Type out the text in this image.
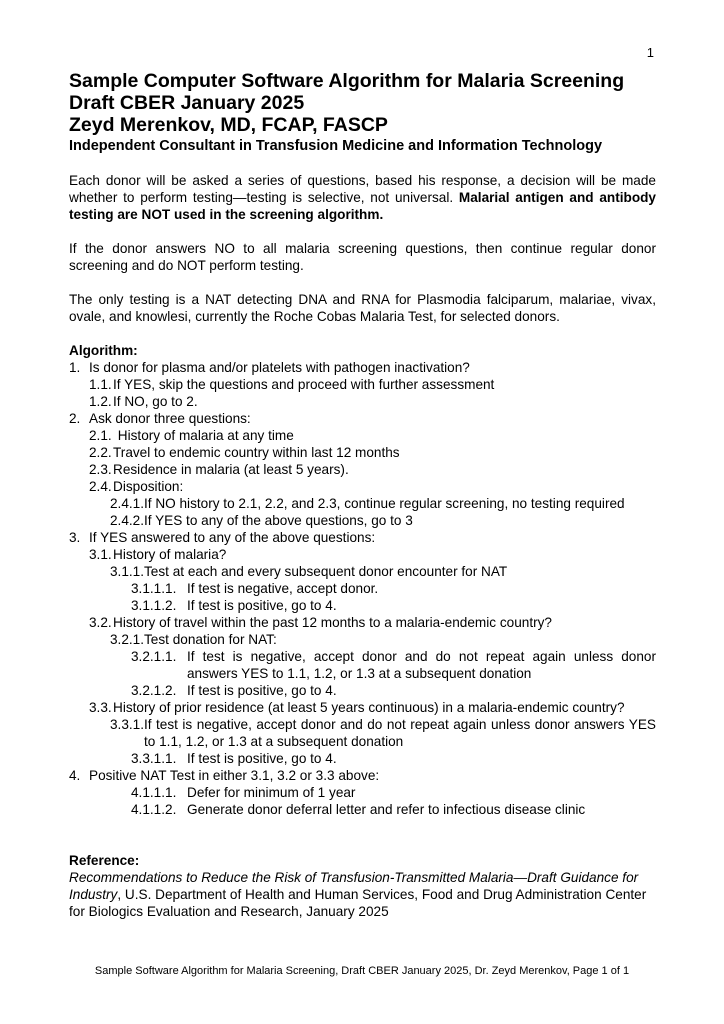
1
Sample Computer Software Algorithm for Malaria Screening
Draft CBER January 2025
Zeyd Merenkov, MD, FCAP, FASCP
Independent Consultant in Transfusion Medicine and Information Technology

Each donor will be asked a series of questions, based his response, a decision will be made whether to perform testing—testing is selective, not universal. Malarial antigen and antibody testing are NOT used in the screening algorithm.

If the donor answers NO to all malaria screening questions, then continue regular donor screening and do NOT perform testing.

The only testing is a NAT detecting DNA and RNA for Plasmodia falciparum, malariae, vivax, ovale, and knowlesi, currently the Roche Cobas Malaria Test, for selected donors.

Algorithm:
1. Is donor for plasma and/or platelets with pathogen inactivation?
1.1. If YES, skip the questions and proceed with further assessment
1.2. If NO, go to 2.
2. Ask donor three questions:
2.1. History of malaria at any time
2.2. Travel to endemic country within last 12 months
2.3. Residence in malaria (at least 5 years).
2.4. Disposition:
2.4.1. If NO history to 2.1, 2.2, and 2.3, continue regular screening, no testing required
2.4.2. If YES to any of the above questions, go to 3
3. If YES answered to any of the above questions:
3.1. History of malaria?
3.1.1. Test at each and every subsequent donor encounter for NAT
3.1.1.1. If test is negative, accept donor.
3.1.1.2. If test is positive, go to 4.
3.2. History of travel within the past 12 months to a malaria-endemic country?
3.2.1. Test donation for NAT:
3.2.1.1. If test is negative, accept donor and do not repeat again unless donor answers YES to 1.1, 1.2, or 1.3 at a subsequent donation
3.2.1.2. If test is positive, go to 4.
3.3. History of prior residence (at least 5 years continuous) in a malaria-endemic country?
3.3.1. If test is negative, accept donor and do not repeat again unless donor answers YES to 1.1, 1.2, or 1.3 at a subsequent donation
3.3.1.1. If test is positive, go to 4.
4. Positive NAT Test in either 3.1, 3.2 or 3.3 above:
4.1.1.1. Defer for minimum of 1 year
4.1.1.2. Generate donor deferral letter and refer to infectious disease clinic
Reference:

Recommendations to Reduce the Risk of Transfusion-Transmitted Malaria—Draft Guidance for Industry, U.S. Department of Health and Human Services, Food and Drug Administration Center for Biologics Evaluation and Research, January 2025

Sample Software Algorithm for Malaria Screening, Draft CBER January 2025, Dr. Zeyd Merenkov, Page 1 of 1
